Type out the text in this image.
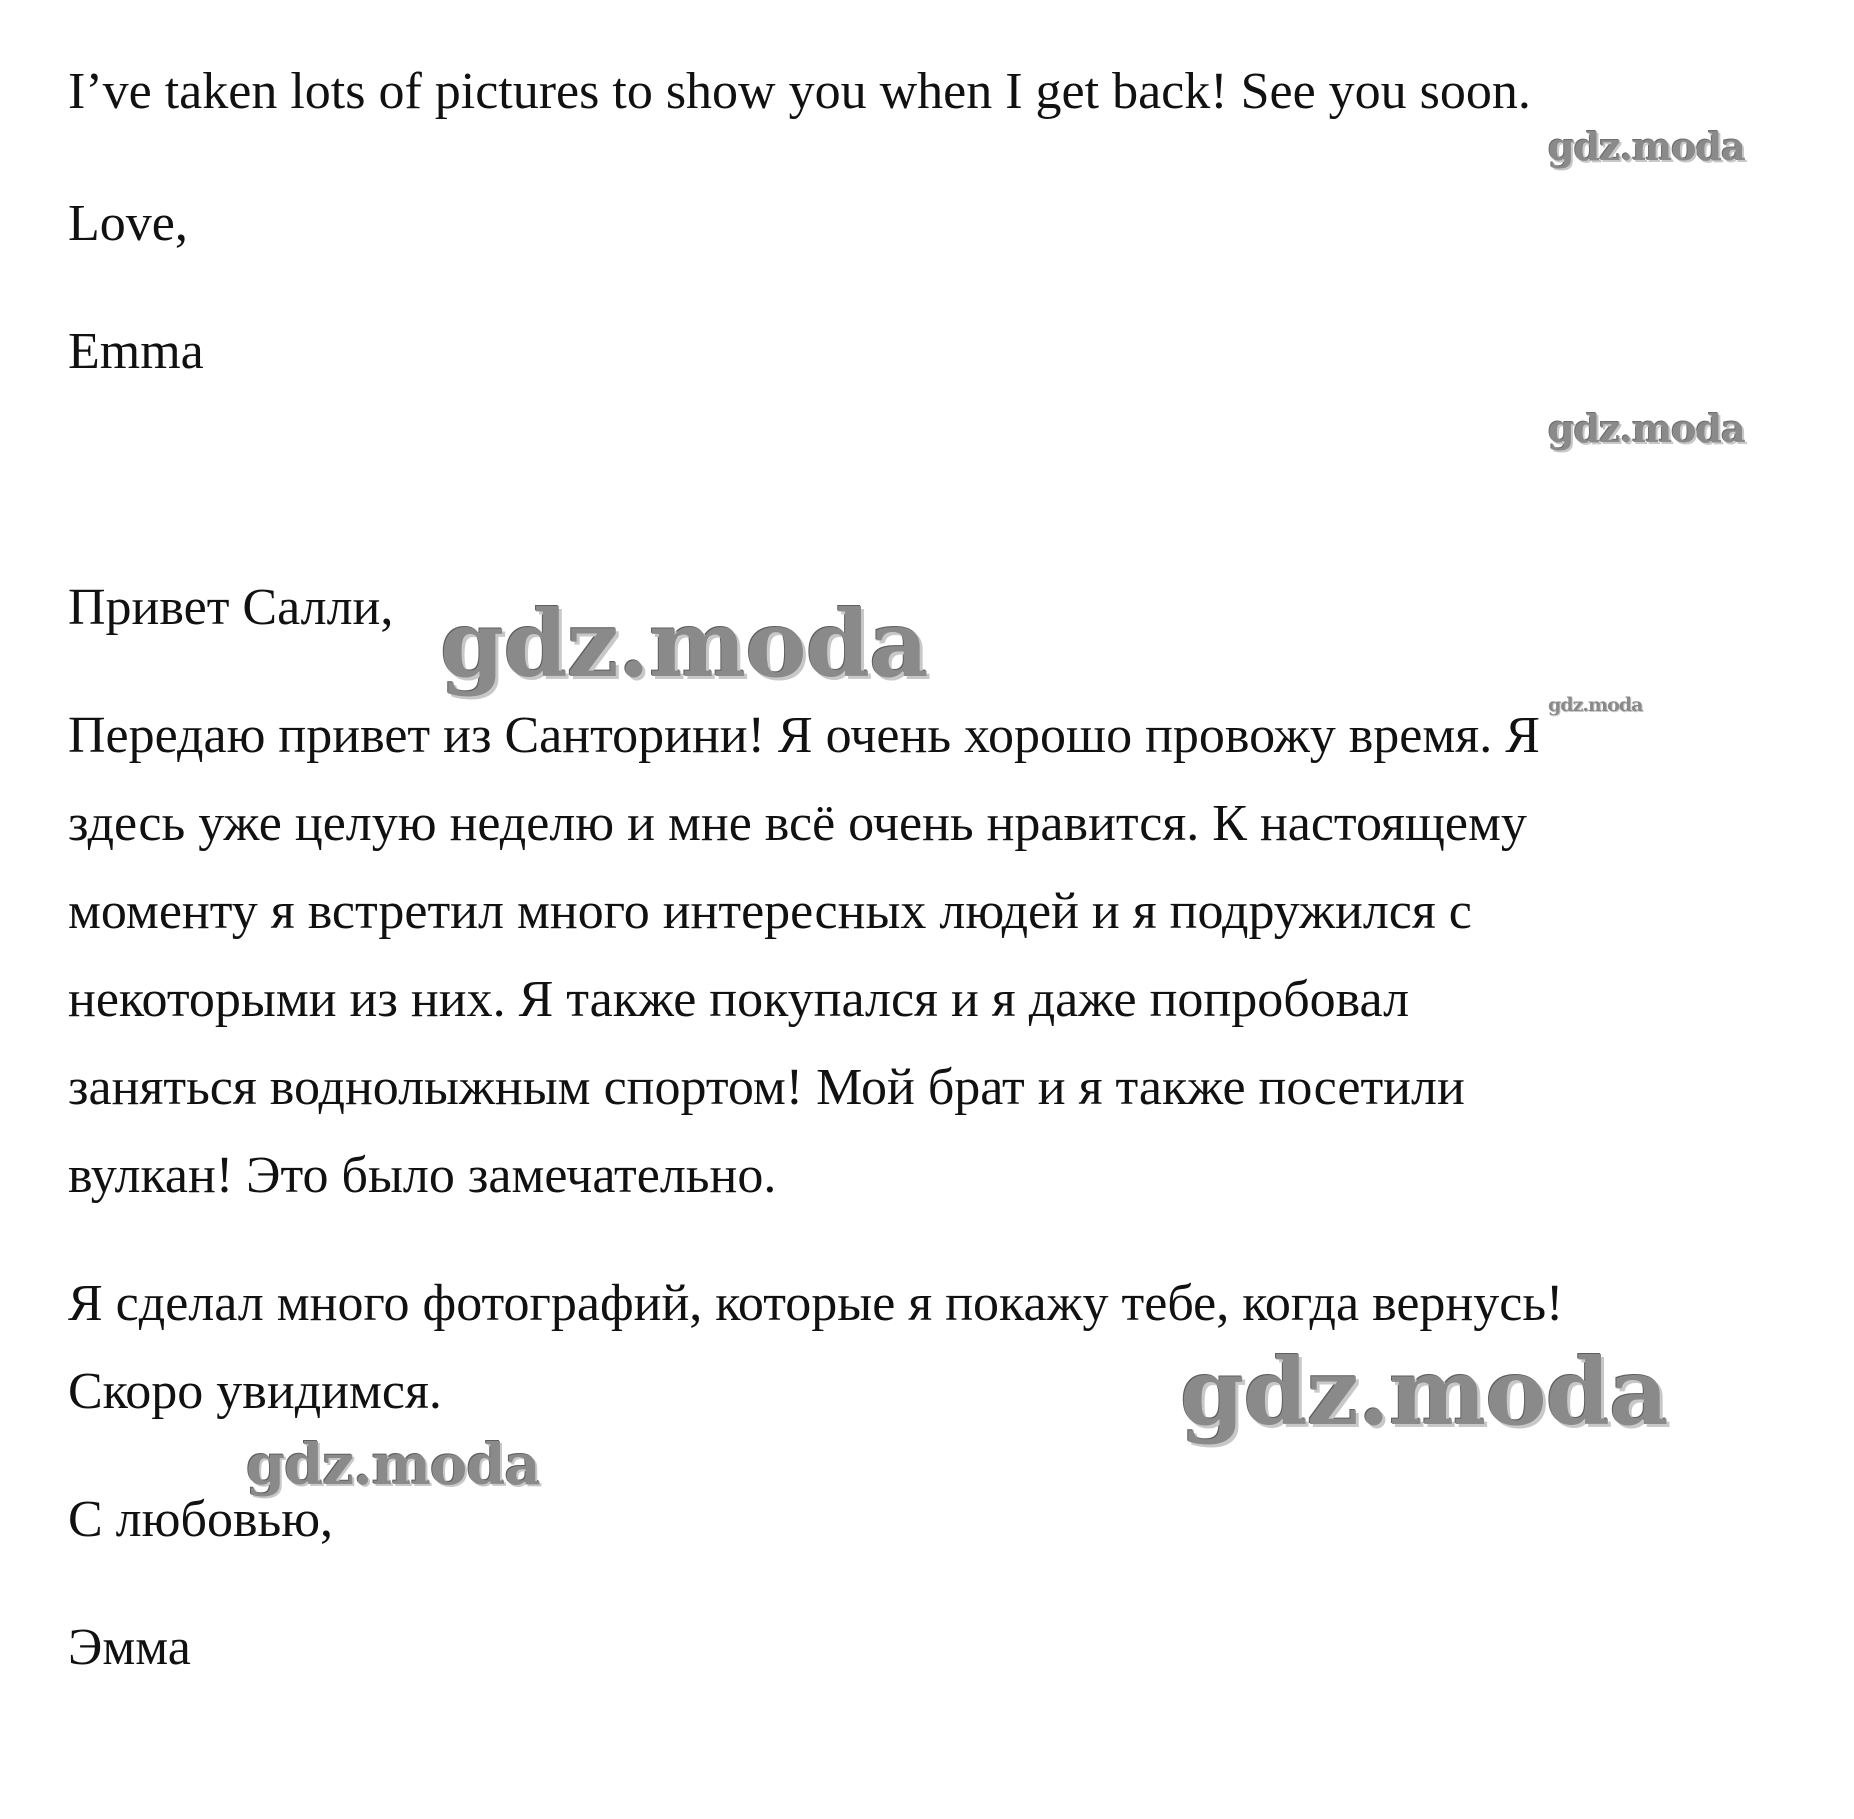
I’ve taken lots of pictures to show you when I get back! See you soon.

Love,

Emma

Привет Салли,

Передаю привет из Санторини! Я очень хорошо провожу время. Я

здесь уже целую неделю и мне всё очень нравится. К настоящему

моменту я встретил много интересных людей и я подружился с

некоторыми из них. Я также покупался и я даже попробовал

заняться воднолыжным спортом! Мой брат и я также посетили

вулкан! Это было замечательно.

Я сделал много фотографий, которые я покажу тебе, когда вернусь!

Скоро увидимся.

С любовью,

Эмма

gdz.moda
gdz.moda
gdz.moda
gdz.moda
gdz.moda
gdz.moda
